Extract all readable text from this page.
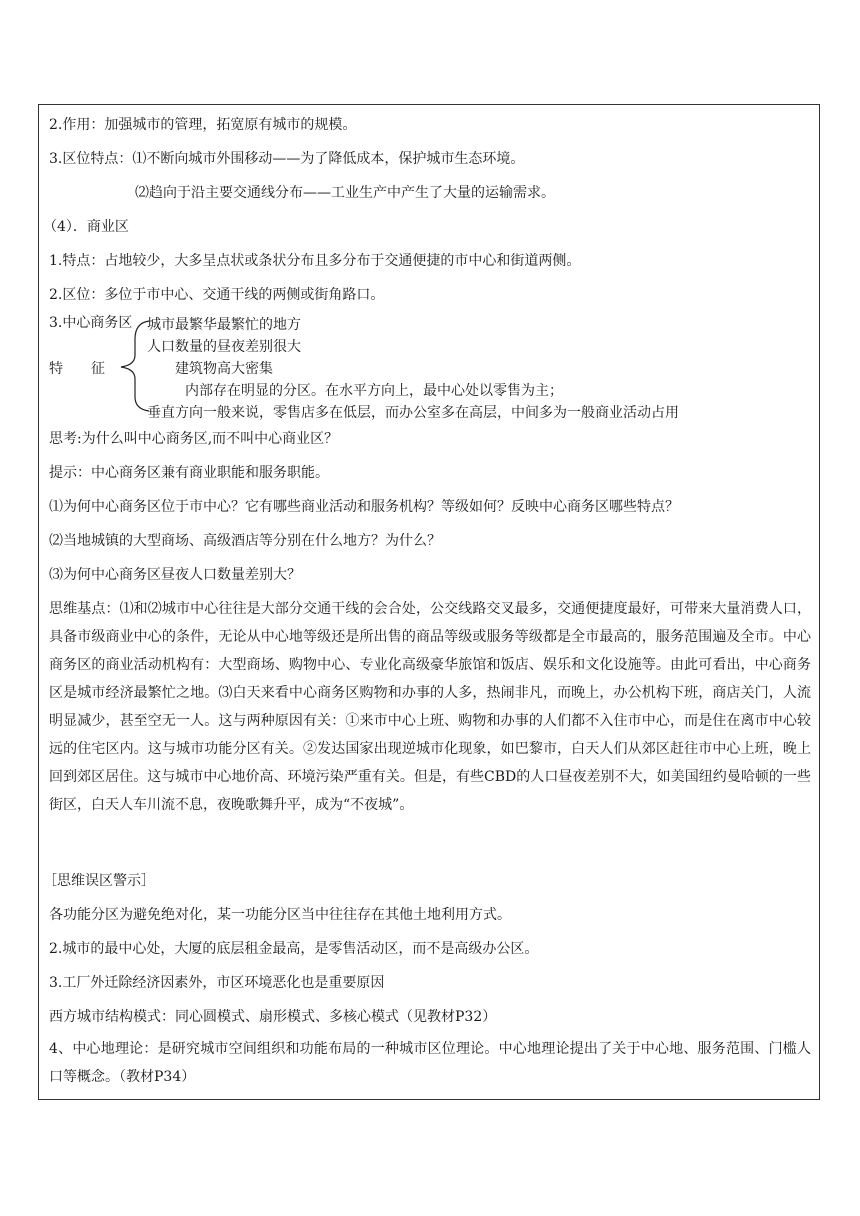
2.作用：加强城市的管理，拓宽原有城市的规模。
3.区位特点：⑴不断向城市外围移动——为了降低成本，保护城市生态环境。
⑵趋向于沿主要交通线分布——工业生产中产生了大量的运输需求。
（4）．商业区
1.特点：占地较少，大多呈点状或条状分布且多分布于交通便捷的市中心和街道两侧。
2.区位：多位于市中心、交通干线的两侧或街角路口。
3.中心商务区
特　　征
城市最繁华最繁忙的地方
人口数量的昼夜差别很大
建筑物高大密集
内部存在明显的分区。在水平方向上，最中心处以零售为主；
垂直方向一般来说，零售店多在低层，而办公室多在高层，中间多为一般商业活动占用
思考:为什么叫中心商务区,而不叫中心商业区？
提示：中心商务区兼有商业职能和服务职能。
⑴为何中心商务区位于市中心？它有哪些商业活动和服务机构？等级如何？反映中心商务区哪些特点？
⑵当地城镇的大型商场、高级酒店等分别在什么地方？为什么？
⑶为何中心商务区昼夜人口数量差别大？
思维基点：⑴和⑵城市中心往往是大部分交通干线的会合处，公交线路交叉最多，交通便捷度最好，可带来大量消费人口，具备市级商业中心的条件，无论从中心地等级还是所出售的商品等级或服务等级都是全市最高的，服务范围遍及全市。中心商务区的商业活动机构有：大型商场、购物中心、专业化高级豪华旅馆和饭店、娱乐和文化设施等。由此可看出，中心商务区是城市经济最繁忙之地。⑶白天来看中心商务区购物和办事的人多，热闹非凡，而晚上，办公机构下班，商店关门，人流明显减少，甚至空无一人。这与两种原因有关：①来市中心上班、购物和办事的人们都不入住市中心，而是住在离市中心较远的住宅区内。这与城市功能分区有关。②发达国家出现逆城市化现象，如巴黎市，白天人们从郊区赶往市中心上班，晚上回到郊区居住。这与城市中心地价高、环境污染严重有关。但是，有些CBD的人口昼夜差别不大，如美国纽约曼哈顿的一些街区，白天人车川流不息，夜晚歌舞升平，成为“不夜城”。
［思维误区警示］
各功能分区为避免绝对化，某一功能分区当中往往存在其他土地利用方式。
2.城市的最中心处，大厦的底层租金最高，是零售活动区，而不是高级办公区。
3.工厂外迁除经济因素外，市区环境恶化也是重要原因
西方城市结构模式：同心圆模式、扇形模式、多核心模式（见教材P32）
4、中心地理论：是研究城市空间组织和功能布局的一种城市区位理论。中心地理论提出了关于中心地、服务范围、门槛人口等概念。（教材P34）
